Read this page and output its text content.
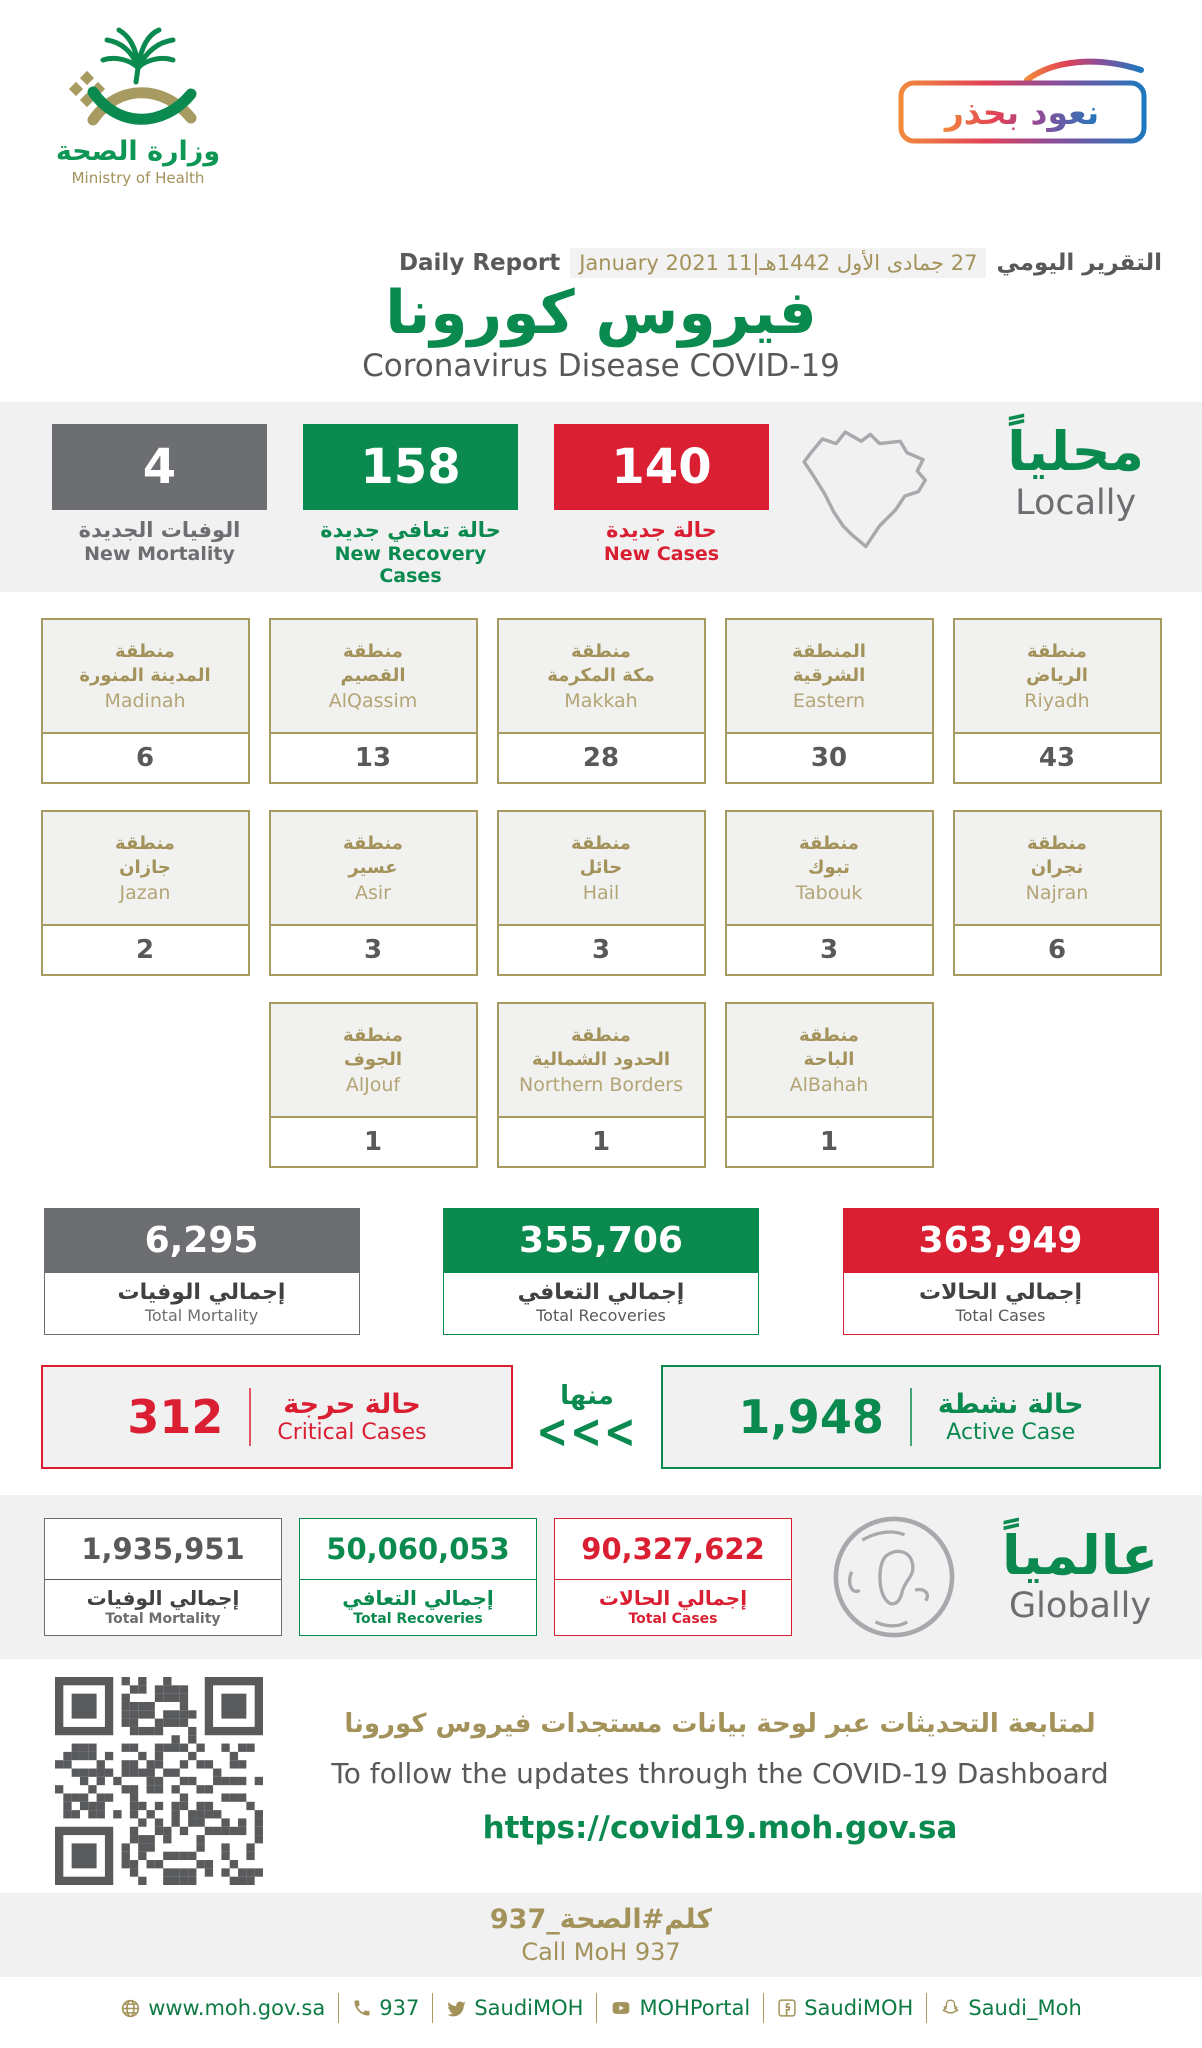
وزارة الصحة
Ministry of Health
نعود بحذر
التقرير اليومي
27 جمادى الأول 1442هـ|11 January 2021
Daily Report
فيروس كورونا
Coronavirus Disease COVID-19
4
الوفيات الجديدة
New Mortality
158
حالة تعافي جديدة
New Recovery Cases
140
حالة جديدة
New Cases
محلياً
Locally
منطقة
المدينة المنورة
Madinah
6
منطقة
القصيم
AlQassim
13
منطقة
مكة المكرمة
Makkah
28
المنطقة
الشرقية
Eastern
30
منطقة
الرياض
Riyadh
43
منطقة
جازان
Jazan
2
منطقة
عسير
Asir
3
منطقة
حائل
Hail
3
منطقة
تبوك
Tabouk
3
منطقة
نجران
Najran
6
منطقة
الجوف
AlJouf
1
منطقة
الحدود الشمالية
Northern Borders
1
منطقة
الباحة
AlBahah
1
6,295
إجمالي الوفيات
Total Mortality
355,706
إجمالي التعافي
Total Recoveries
363,949
إجمالي الحالات
Total Cases
312 حالة حرجة
Critical Cases
منها
<<<	1,948 حالة نشطة
Active Case
1,935,951
إجمالي الوفيات
Total Mortality
50,060,053
إجمالي التعافي
Total Recoveries
90,327,622
إجمالي الحالات
Total Cases
عالمياً
Globally
لمتابعة التحديثات عبر لوحة بيانات مستجدات فيروس كورونا
To follow the updates through the COVID-19 Dashboard
https://covid19.moh.gov.sa
كلم#الصحة_937
Call MoH 937
www.moh.gov.sa	937	SaudiMOH	MOHPortal	SaudiMOH	Saudi_Moh
